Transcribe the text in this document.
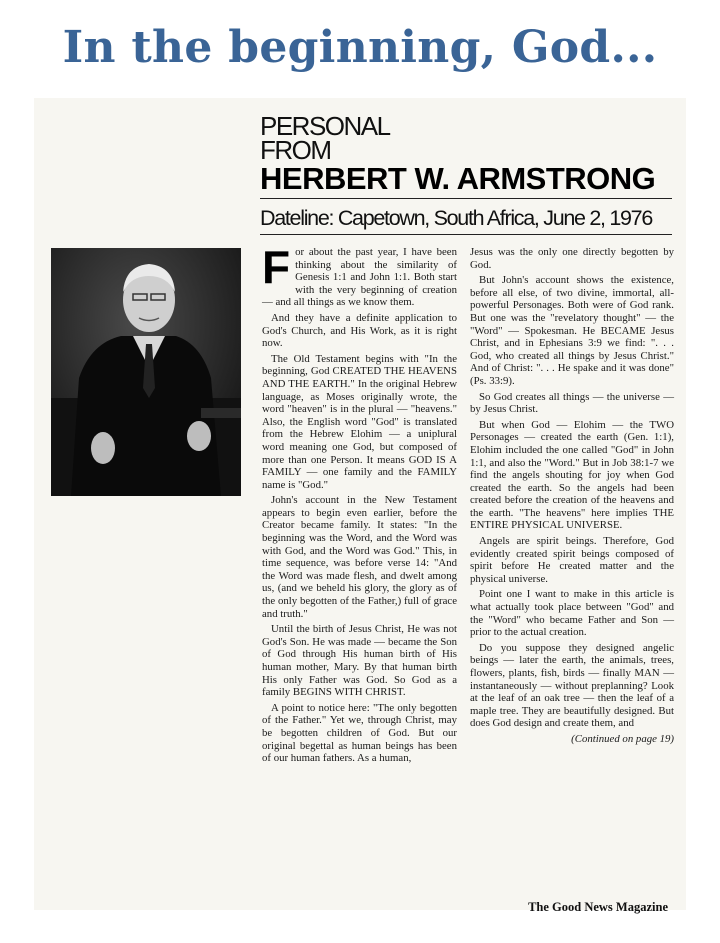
In the beginning, God...
PERSONAL
FROM
HERBERT W. ARMSTRONG
Dateline: Capetown, South Africa, June 2, 1976

For about the past year, I have been thinking about the similarity of Genesis 1:1 and John 1:1. Both start with the very beginning of creation — and all things as we know them.

And they have a definite application to God's Church, and His Work, as it is right now.

The Old Testament begins with "In the beginning, God CREATED THE HEAVENS AND THE EARTH." In the original Hebrew language, as Moses originally wrote, the word "heaven" is in the plural — "heavens." Also, the English word "God" is translated from the Hebrew Elohim — a uniplural word meaning one God, but composed of more than one Person. It means GOD IS A FAMILY — one family and the FAMILY name is "God."

John's account in the New Testament appears to begin even earlier, before the Creator became family. It states: "In the beginning was the Word, and the Word was with God, and the Word was God." This, in time sequence, was before verse 14: "And the Word was made flesh, and dwelt among us, (and we beheld his glory, the glory as of the only begotten of the Father,) full of grace and truth."

Until the birth of Jesus Christ, He was not God's Son. He was made — became the Son of God through His human birth of His human mother, Mary. By that human birth His only Father was God. So God as a family BEGINS WITH CHRIST.

A point to notice here: "The only begotten of the Father." Yet we, through Christ, may be begotten children of God. But our original begettal as human beings has been of our human fathers. As a human,

Jesus was the only one directly begotten by God.

But John's account shows the existence, before all else, of two divine, immortal, all-powerful Personages. Both were of God rank. But one was the "revelatory thought" — the "Word" — Spokesman. He BECAME Jesus Christ, and in Ephesians 3:9 we find: ". . . God, who created all things by Jesus Christ." And of Christ: ". . . He spake and it was done" (Ps. 33:9).

So God creates all things — the universe — by Jesus Christ.

But when God — Elohim — the TWO Personages — created the earth (Gen. 1:1), Elohim included the one called "God" in John 1:1, and also the "Word." But in Job 38:1-7 we find the angels shouting for joy when God created the earth. So the angels had been created before the creation of the heavens and the earth. "The heavens" here implies THE ENTIRE PHYSICAL UNIVERSE.

Angels are spirit beings. Therefore, God evidently created spirit beings composed of spirit before He created matter and the physical universe.

Point one I want to make in this article is what actually took place between "God" and the "Word" who became Father and Son — prior to the actual creation.

Do you suppose they designed angelic beings — later the earth, the animals, trees, flowers, plants, fish, birds — finally MAN — instantaneously — without preplanning? Look at the leaf of an oak tree — then the leaf of a maple tree. They are beautifully designed. But does God design and create them, and

(Continued on page 19)

The Good News Magazine
